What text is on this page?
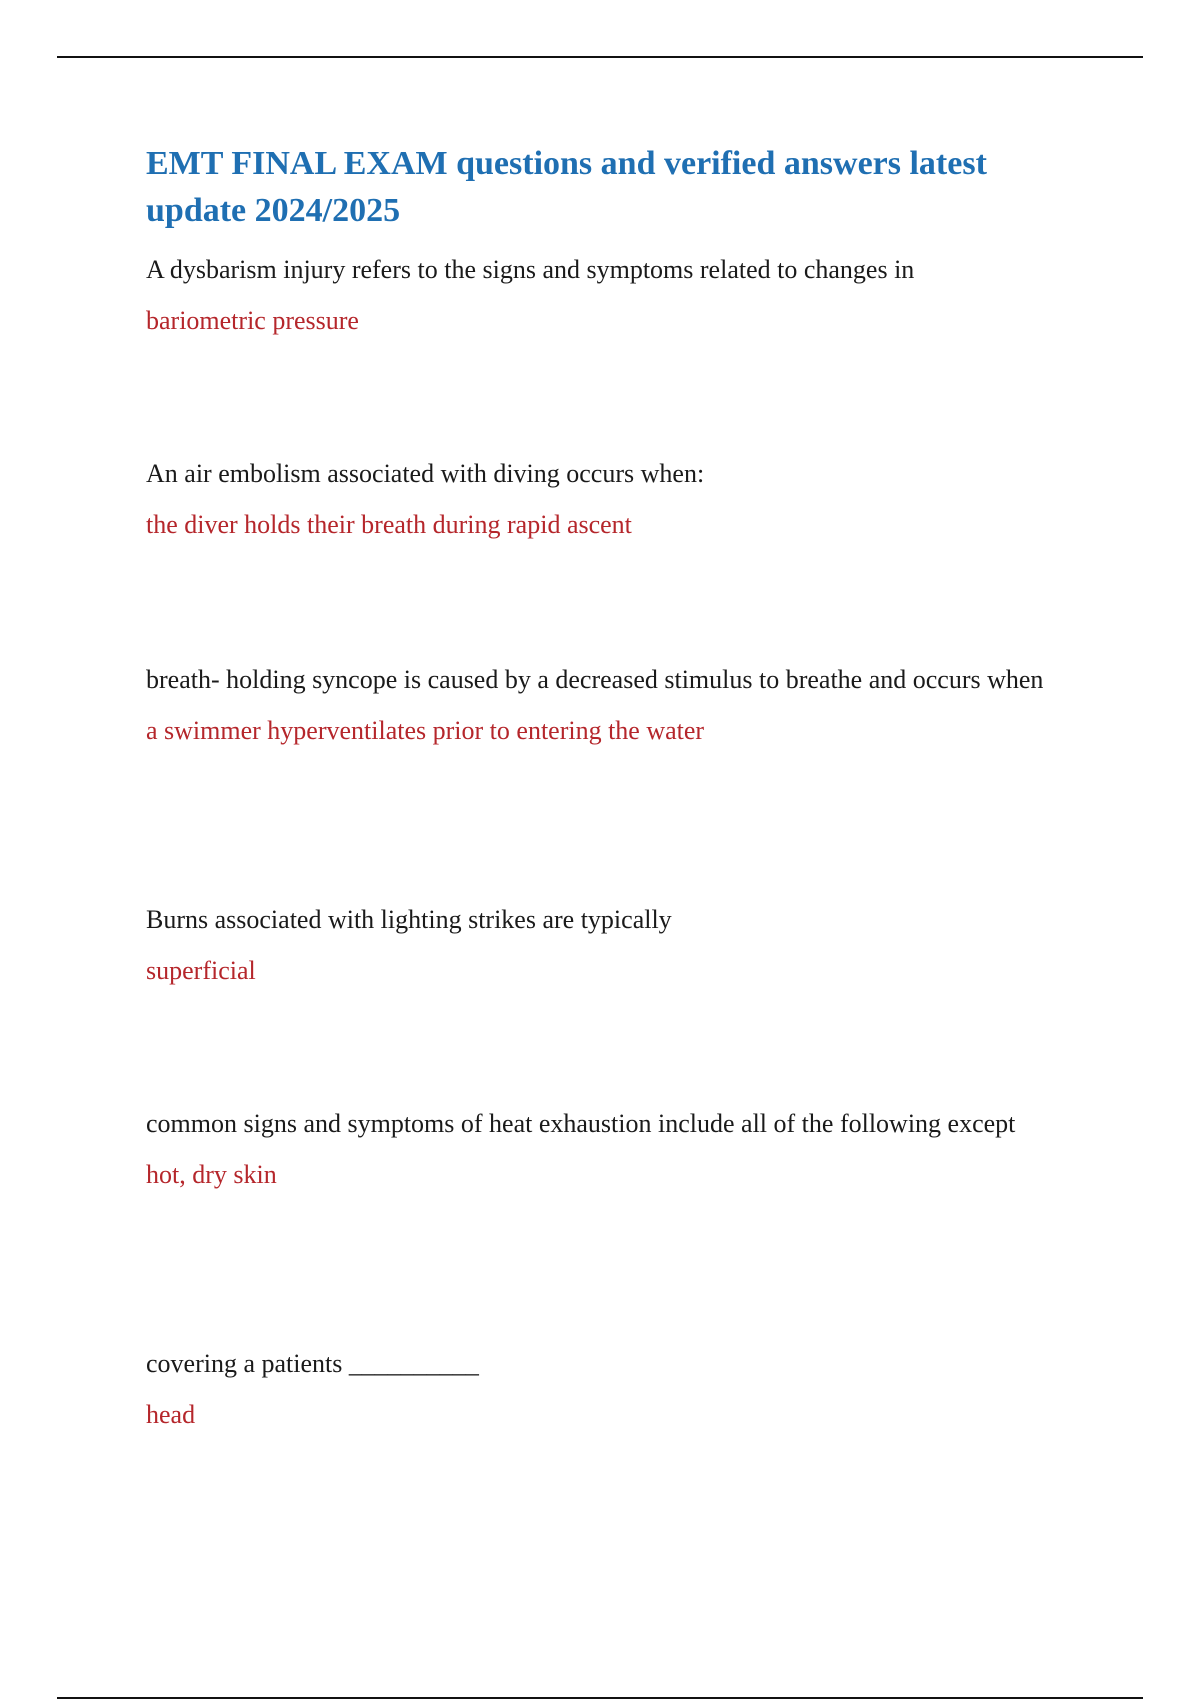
EMT FINAL EXAM questions and verified answers latest update 2024/2025

A dysbarism injury refers to the signs and symptoms related to changes in

bariometric pressure

An air embolism associated with diving occurs when:

the diver holds their breath during rapid ascent

breath- holding syncope is caused by a decreased stimulus to breathe and occurs when

a swimmer hyperventilates prior to entering the water

Burns associated with lighting strikes are typically

superficial

common signs and symptoms of heat exhaustion include all of the following except

hot, dry skin

covering a patients __________

head
